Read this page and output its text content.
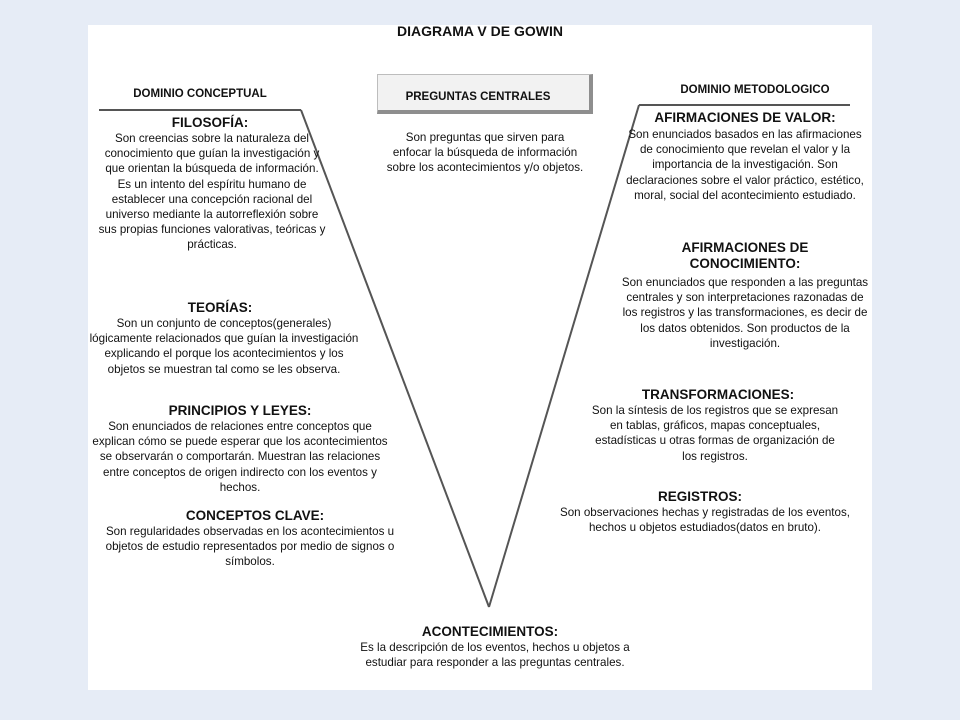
DIAGRAMA V DE GOWIN
DOMINIO CONCEPTUAL	DOMINIO METODOLOGICO
PREGUNTAS CENTRALES
Son preguntas que sirven para enfocar la búsqueda de información sobre los acontecimientos y/o objetos.
FILOSOFÍA:
Son creencias sobre la naturaleza del conocimiento que guían la investigación y que orientan la búsqueda de información. Es un intento del espíritu humano de establecer una concepción racional del universo mediante la autorreflexión sobre sus propias funciones valorativas, teóricas y prácticas.
TEORÍAS:
Son un conjunto de conceptos(generales) lógicamente relacionados que guían la investigación explicando el porque los acontecimientos y los objetos se muestran tal como se les observa.
PRINCIPIOS Y LEYES:
Son enunciados de relaciones entre conceptos que explican cómo se puede esperar que los acontecimientos se observarán o comportarán. Muestran las relaciones entre conceptos de origen indirecto con los eventos y hechos.
CONCEPTOS CLAVE:
Son regularidades observadas en los acontecimientos u objetos de estudio representados por medio de signos o símbolos.
AFIRMACIONES DE VALOR:
Son enunciados basados en las afirmaciones de conocimiento que revelan el valor y la importancia de la investigación. Son declaraciones sobre el valor práctico, estético, moral, social del acontecimiento estudiado.
AFIRMACIONES DE CONOCIMIENTO:
Son enunciados que responden a las preguntas centrales y son interpretaciones razonadas de los registros y las transformaciones, es decir de los datos obtenidos. Son productos de la investigación.
TRANSFORMACIONES:
Son la síntesis de los registros que se expresan en tablas, gráficos, mapas conceptuales, estadísticas u otras formas de organización de los registros.
REGISTROS:
Son observaciones hechas y registradas de los eventos, hechos u objetos estudiados(datos en bruto).
ACONTECIMIENTOS:
Es la descripción de los eventos, hechos u objetos a estudiar para responder a las preguntas centrales.
